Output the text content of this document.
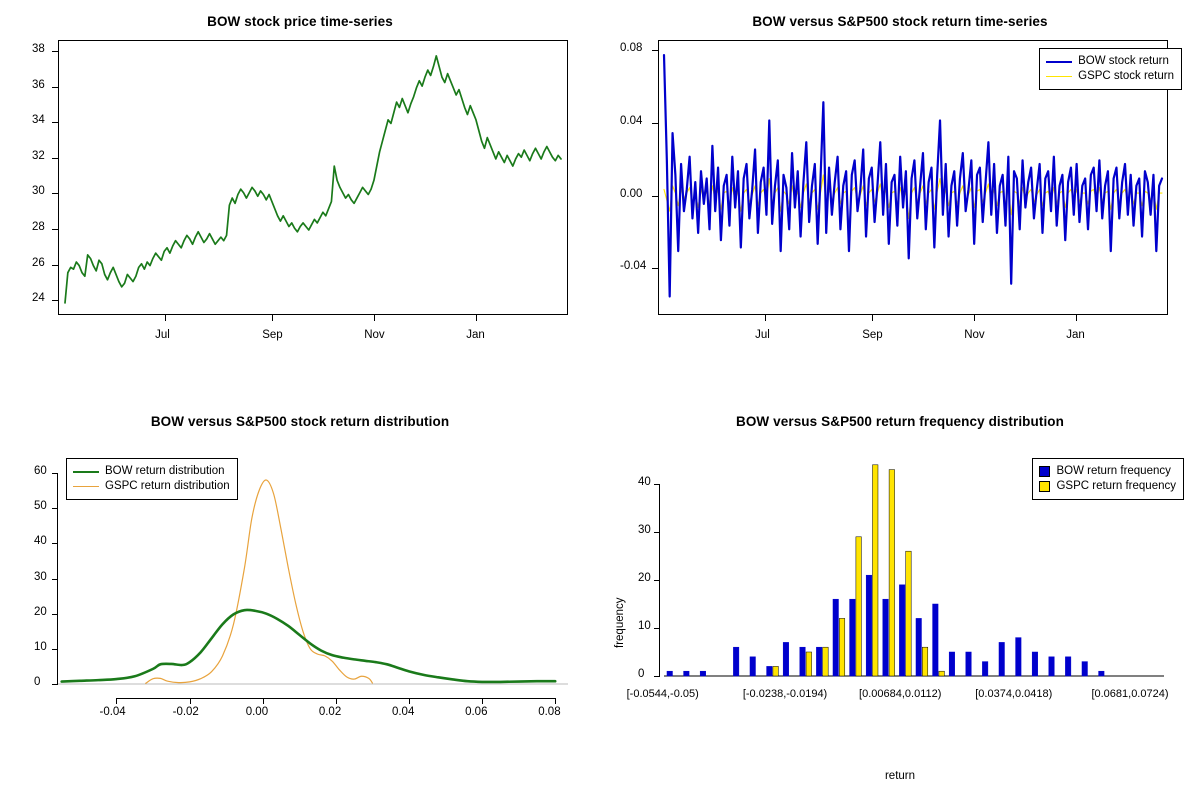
BOW stock price time-series
24
26
28
30
32
34
36
38
Jul	Sep	Nov	Jan
BOW versus S&P500 stock return time-series
-0.04
0.00
0.04
0.08
Jul	Sep	Nov	Jan
BOW stock return
GSPC stock return
BOW versus S&P500 stock return distribution
0
10
20
30
40
50
60
-0.04	-0.02	0.00	0.02	0.04	0.06	0.08
BOW return distribution
GSPC return distribution
BOW versus S&P500 return frequency distribution
0
10
20
30
40
[-0.0544,-0.05)	[-0.0238,-0.0194)	[0.00684,0.0112)	[0.0374,0.0418)	[0.0681,0.0724)
BOW return frequency
GSPC return frequency
return
frequency
